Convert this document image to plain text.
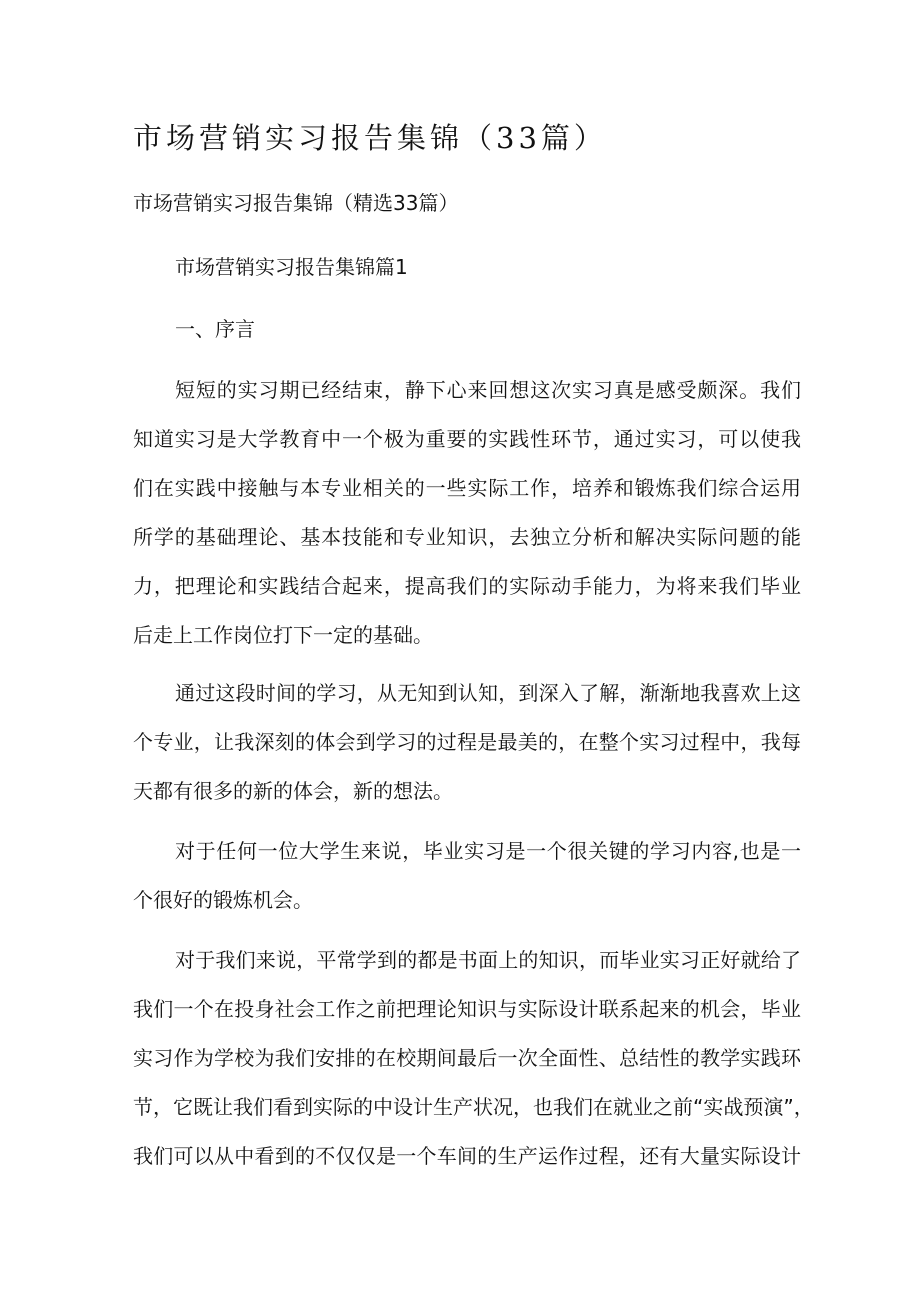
市场营销实习报告集锦（33篇）
市场营销实习报告集锦（精选33篇）
市场营销实习报告集锦篇1
一、序言
短短的实习期已经结束，静下心来回想这次实习真是感受颇深。我们
知道实习是大学教育中一个极为重要的实践性环节，通过实习，可以使我
们在实践中接触与本专业相关的一些实际工作，培养和锻炼我们综合运用
所学的基础理论、基本技能和专业知识，去独立分析和解决实际问题的能
力，把理论和实践结合起来，提高我们的实际动手能力，为将来我们毕业
后走上工作岗位打下一定的基础。
通过这段时间的学习，从无知到认知，到深入了解，渐渐地我喜欢上这
个专业，让我深刻的体会到学习的过程是最美的，在整个实习过程中，我每
天都有很多的新的体会，新的想法。
对于任何一位大学生来说，毕业实习是一个很关键的学习内容,也是一
个很好的锻炼机会。
对于我们来说，平常学到的都是书面上的知识，而毕业实习正好就给了
我们一个在投身社会工作之前把理论知识与实际设计联系起来的机会，毕业
实习作为学校为我们安排的在校期间最后一次全面性、总结性的教学实践环
节，它既让我们看到实际的中设计生产状况，也我们在就业之前“实战预演”，
我们可以从中看到的不仅仅是一个车间的生产运作过程，还有大量实际设计
